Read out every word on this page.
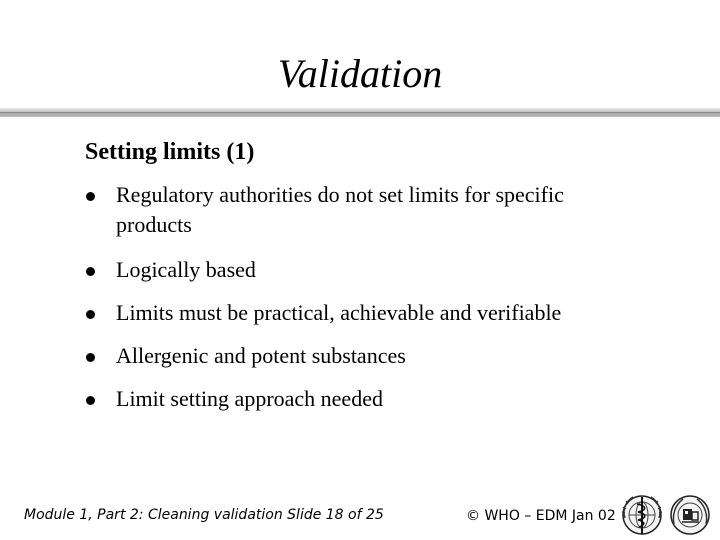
Validation
Setting limits (1)
Regulatory authorities do not set limits for specific
products
Logically based
Limits must be practical, achievable and verifiable
Allergenic and potent substances
Limit setting approach needed
Module 1, Part 2: Cleaning validation Slide 18 of 25	© WHO – EDM Jan 02
